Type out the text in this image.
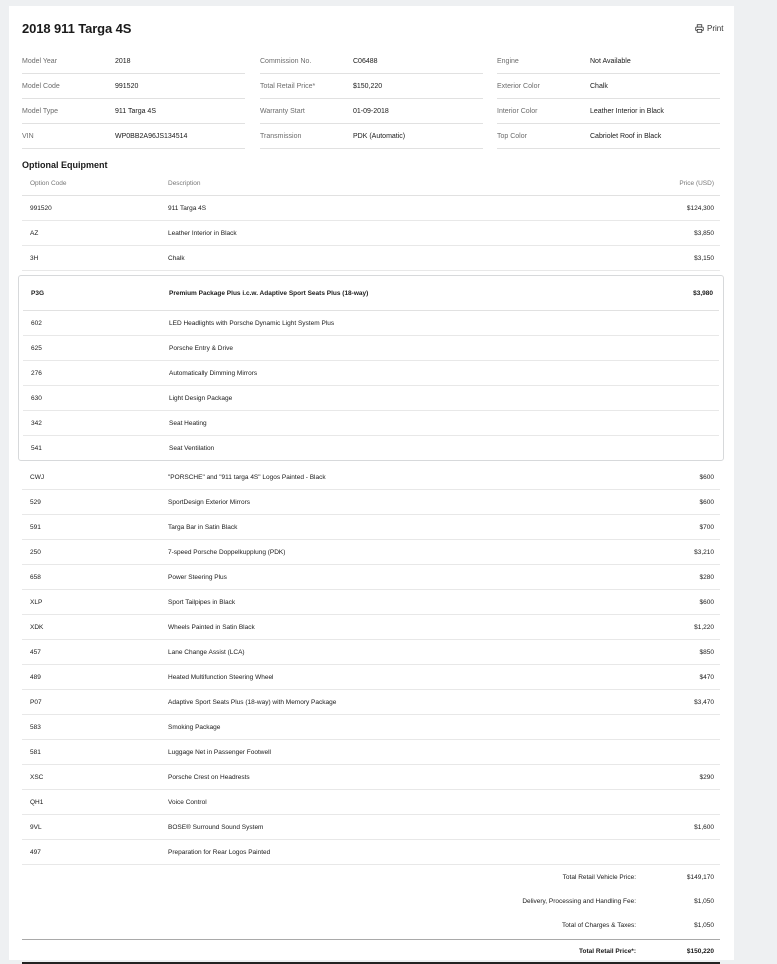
2018 911 Targa 4S	Print
Model Year	2018
Model Code	991520
Model Type	911 Targa 4S
VIN	WP0BB2A96JS134514
Commission No.	C06488
Total Retail Price*	$150,220
Warranty Start	01-09-2018
Transmission	PDK (Automatic)
Engine	Not Available
Exterior Color	Chalk
Interior Color	Leather Interior in Black
Top Color	Cabriolet Roof in Black
Optional Equipment
Option Code	Description	Price (USD)
991520	911 Targa 4S	$124,300
AZ	Leather Interior in Black	$3,850
3H	Chalk	$3,150
P3G	Premium Package Plus i.c.w. Adaptive Sport Seats Plus (18-way)	$3,980
602	LED Headlights with Porsche Dynamic Light System Plus
625	Porsche Entry & Drive
276	Automatically Dimming Mirrors
630	Light Design Package
342	Seat Heating
541	Seat Ventilation
CWJ	"PORSCHE" and "911 targa 4S" Logos Painted - Black	$600
529	SportDesign Exterior Mirrors	$600
591	Targa Bar in Satin Black	$700
250	7-speed Porsche Doppelkupplung (PDK)	$3,210
658	Power Steering Plus	$280
XLP	Sport Tailpipes in Black	$600
XDK	Wheels Painted in Satin Black	$1,220
457	Lane Change Assist (LCA)	$850
489	Heated Multifunction Steering Wheel	$470
P07	Adaptive Sport Seats Plus (18-way) with Memory Package	$3,470
583	Smoking Package
581	Luggage Net in Passenger Footwell
XSC	Porsche Crest on Headrests	$290
QH1	Voice Control
9VL	BOSE® Surround Sound System	$1,600
497	Preparation for Rear Logos Painted
Total Retail Vehicle Price:	$149,170
Delivery, Processing and Handling Fee:	$1,050
Total of Charges & Taxes:	$1,050
Total Retail Price*:	$150,220
